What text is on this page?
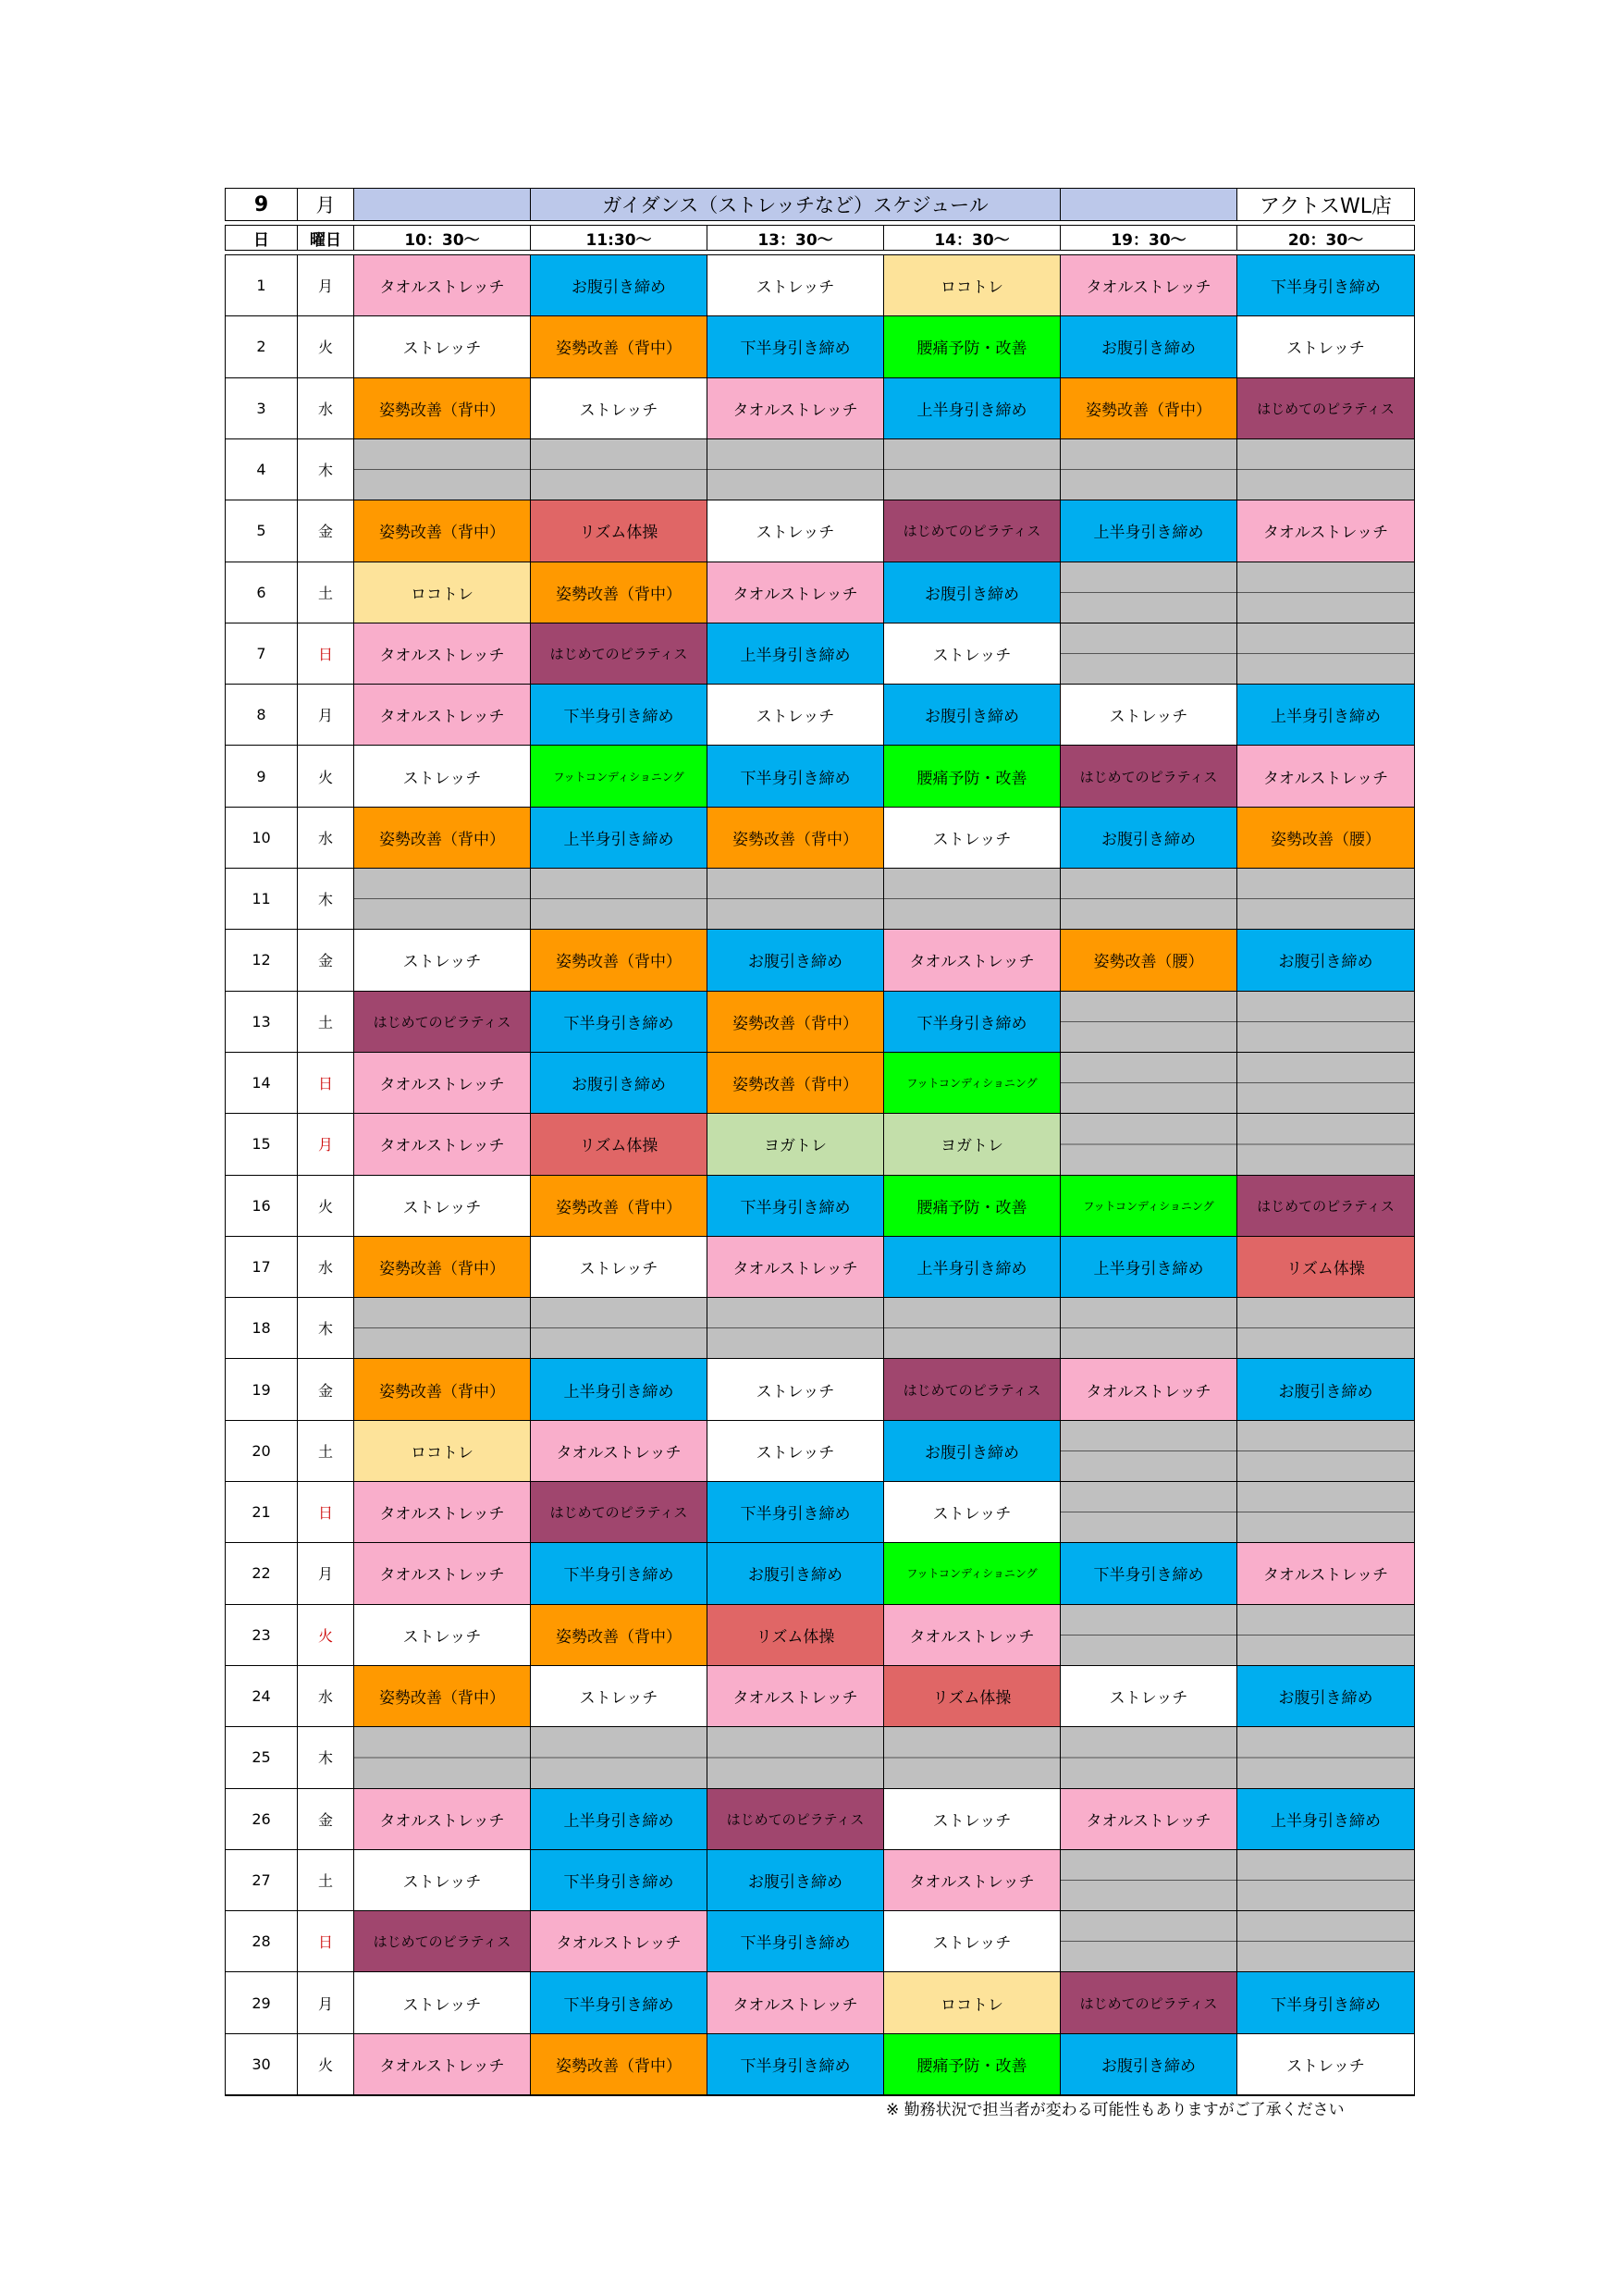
9	月	ガイダンス（ストレッチなど）スケジュール	アクトスWL店
日	曜日	10：30～	11:30～	13：30～	14：30～	19：30～	20：30～
1	月	タオルストレッチ	お腹引き締め	ストレッチ	ロコトレ	タオルストレッチ	下半身引き締め
2	火	ストレッチ	姿勢改善（背中）	下半身引き締め	腰痛予防・改善	お腹引き締め	ストレッチ
3	水	姿勢改善（背中）	ストレッチ	タオルストレッチ	上半身引き締め	姿勢改善（背中）	はじめてのピラティス
4	木
5	金	姿勢改善（背中）	リズム体操	ストレッチ	はじめてのピラティス	上半身引き締め	タオルストレッチ
6	土	ロコトレ	姿勢改善（背中）	タオルストレッチ	お腹引き締め
7	日	タオルストレッチ	はじめてのピラティス	上半身引き締め	ストレッチ
8	月	タオルストレッチ	下半身引き締め	ストレッチ	お腹引き締め	ストレッチ	上半身引き締め
9	火	ストレッチ	フットコンディショニング	下半身引き締め	腰痛予防・改善	はじめてのピラティス	タオルストレッチ
10	水	姿勢改善（背中）	上半身引き締め	姿勢改善（背中）	ストレッチ	お腹引き締め	姿勢改善（腰）
11	木
12	金	ストレッチ	姿勢改善（背中）	お腹引き締め	タオルストレッチ	姿勢改善（腰）	お腹引き締め
13	土	はじめてのピラティス	下半身引き締め	姿勢改善（背中）	下半身引き締め
14	日	タオルストレッチ	お腹引き締め	姿勢改善（背中）	フットコンディショニング
15	月	タオルストレッチ	リズム体操	ヨガトレ	ヨガトレ
16	火	ストレッチ	姿勢改善（背中）	下半身引き締め	腰痛予防・改善	フットコンディショニング	はじめてのピラティス
17	水	姿勢改善（背中）	ストレッチ	タオルストレッチ	上半身引き締め	上半身引き締め	リズム体操
18	木
19	金	姿勢改善（背中）	上半身引き締め	ストレッチ	はじめてのピラティス	タオルストレッチ	お腹引き締め
20	土	ロコトレ	タオルストレッチ	ストレッチ	お腹引き締め
21	日	タオルストレッチ	はじめてのピラティス	下半身引き締め	ストレッチ
22	月	タオルストレッチ	下半身引き締め	お腹引き締め	フットコンディショニング	下半身引き締め	タオルストレッチ
23	火	ストレッチ	姿勢改善（背中）	リズム体操	タオルストレッチ
24	水	姿勢改善（背中）	ストレッチ	タオルストレッチ	リズム体操	ストレッチ	お腹引き締め
25	木
26	金	タオルストレッチ	上半身引き締め	はじめてのピラティス	ストレッチ	タオルストレッチ	上半身引き締め
27	土	ストレッチ	下半身引き締め	お腹引き締め	タオルストレッチ
28	日	はじめてのピラティス	タオルストレッチ	下半身引き締め	ストレッチ
29	月	ストレッチ	下半身引き締め	タオルストレッチ	ロコトレ	はじめてのピラティス	下半身引き締め
30	火	タオルストレッチ	姿勢改善（背中）	下半身引き締め	腰痛予防・改善	お腹引き締め	ストレッチ
※ 勤務状況で担当者が変わる可能性もありますがご了承ください
